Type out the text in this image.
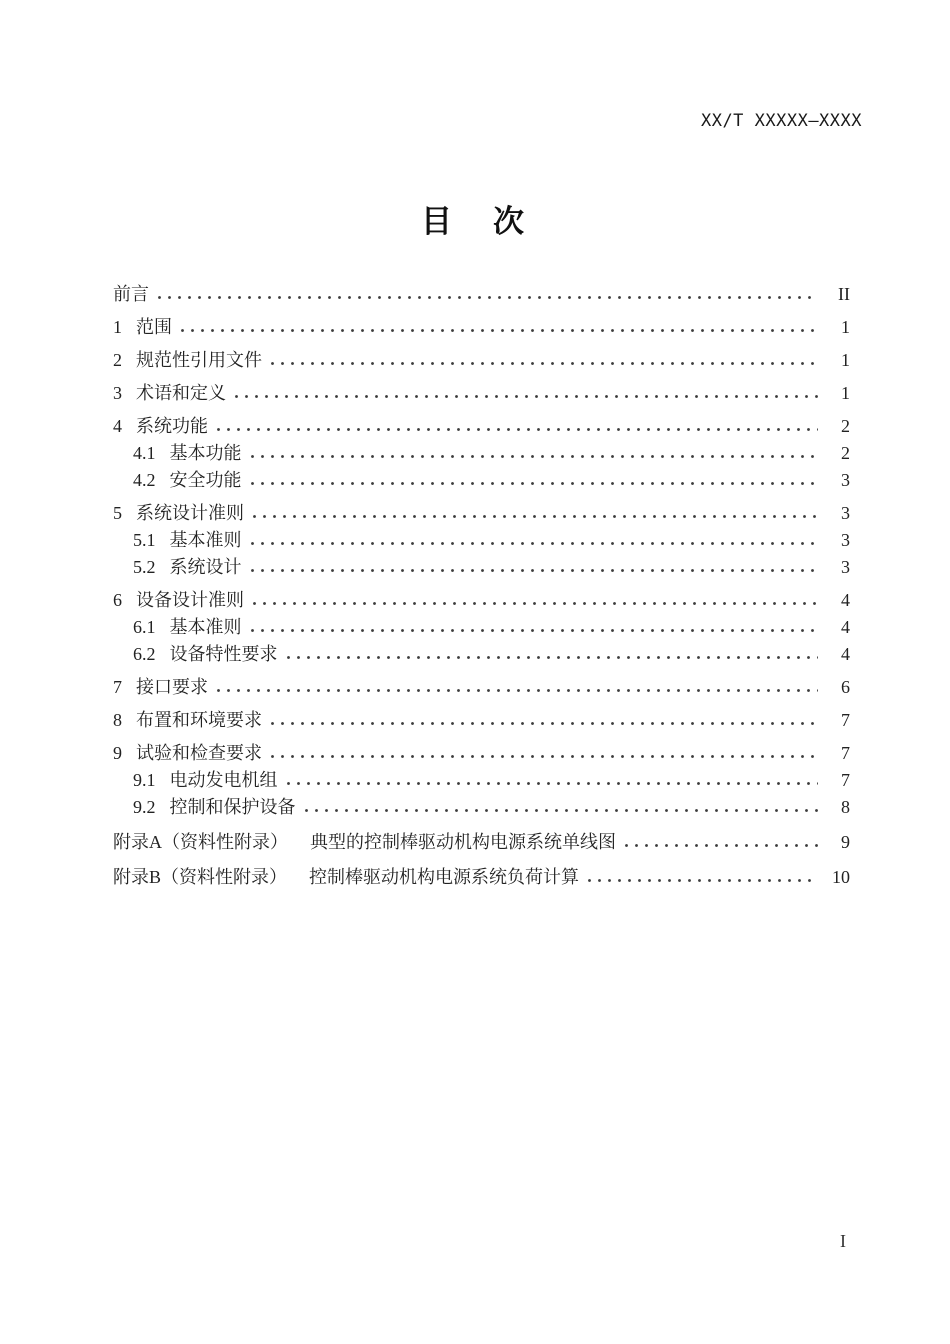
XX/T XXXXX—XXXX
目　次
前言	II
1 范围	1
2 规范性引用文件	1
3 术语和定义	1
4 系统功能	2
4.1 基本功能	2
4.2 安全功能	3
5 系统设计准则	3
5.1 基本准则	3
5.2 系统设计	3
6 设备设计准则	4
6.1 基本准则	4
6.2 设备特性要求	4
7 接口要求	6
8 布置和环境要求	7
9 试验和检查要求	7
9.1 电动发电机组	7
9.2 控制和保护设备	8
附录A（资料性附录） 典型的控制棒驱动机构电源系统单线图	9
附录B（资料性附录） 控制棒驱动机构电源系统负荷计算	10
I
